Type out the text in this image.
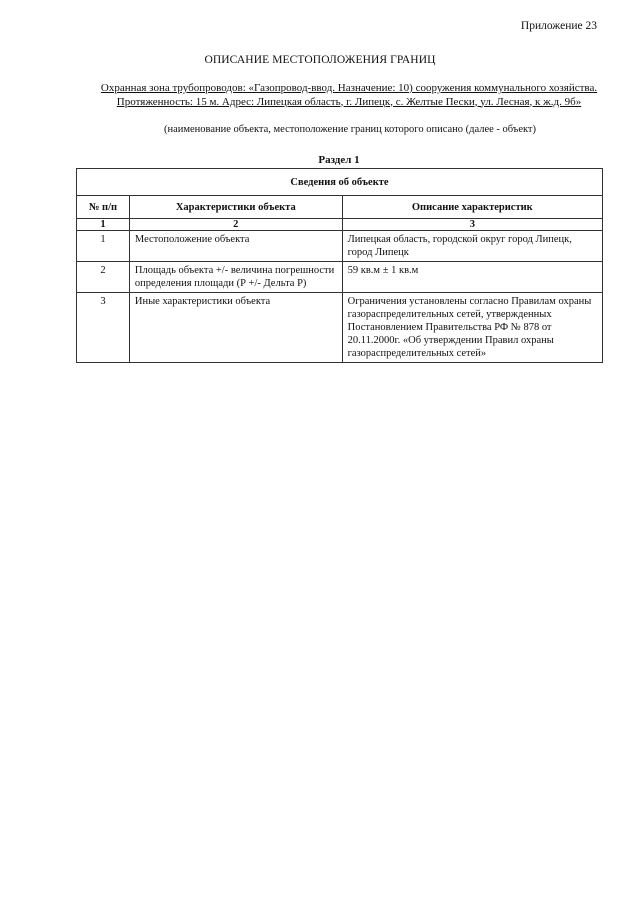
Приложение 23
ОПИСАНИЕ МЕСТОПОЛОЖЕНИЯ ГРАНИЦ
Охранная зона трубопроводов: «Газопровод-ввод. Назначение: 10) сооружения коммунального хозяйства. Протяженность: 15 м. Адрес: Липецкая область, г. Липецк, с. Желтые Пески, ул. Лесная, к ж.д. 9б»
(наименование объекта, местоположение границ которого описано (далее - объект)
Раздел 1
Сведения об объекте		
№ п/п	Характеристики объекта	Описание характеристик
1	2	3
1	Местоположение объекта	Липецкая область, городской округ город Липецк, город Липецк
2	Площадь объекта +/- величина погрешности определения площади (Р +/- Дельта Р)	59 кв.м ± 1 кв.м
3	Иные характеристики объекта	Ограничения установлены согласно Правилам охраны газораспределительных сетей, утвержденных Постановлением Правительства РФ № 878 от 20.11.2000г. «Об утверждении Правил охраны газораспределительных сетей»
